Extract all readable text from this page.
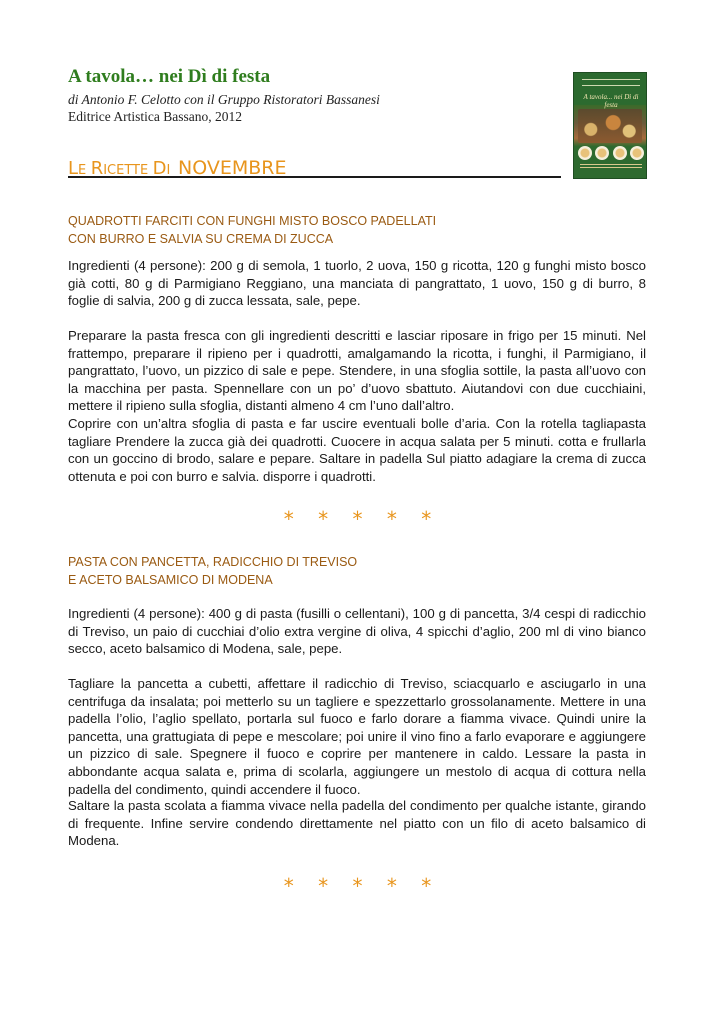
A tavola… nei Dì di festa
di Antonio F. Celotto con il Gruppo Ristoratori Bassanesi
Editrice Artistica Bassano, 2012
A tavola... nei Dì di festa
LE RICETTE DI NOVEMBRE
QUADROTTI FARCITI CON FUNGHI MISTO BOSCO PADELLATI
CON BURRO E SALVIA SU CREMA DI ZUCCA

Ingredienti (4 persone): 200 g di semola, 1 tuorlo, 2 uova, 150 g ricotta, 120 g funghi misto bosco già cotti, 80 g di Parmigiano Reggiano, una manciata di pangrattato, 1 uovo, 150 g di burro, 8 foglie di salvia, 200 g di zucca lessata, sale, pepe.

Preparare la pasta fresca con gli ingredienti descritti e lasciar riposare in frigo per 15 minuti. Nel frattempo, preparare il ripieno per i quadrotti, amalgamando la ricotta, i funghi, il Parmigiano, il pangrattato, l’uovo, un pizzico di sale e pepe. Stendere, in una sfoglia sottile, la pasta all’uovo con la macchina per pasta. Spennellare con un po’ d’uovo sbattuto. Aiutandovi con due cucchiaini, mettere il ripieno sulla sfoglia, distanti almeno 4 cm l’uno dall’altro.

Coprire con un’altra sfoglia di pasta e far uscire eventuali bolle d’aria. Con la rotella tagliapasta tagliare Prendere la zucca già dei quadrotti. Cuocere in acqua salata per 5 minuti. cotta e frullarla con un goccino di brodo, salare e pepare. Saltare in padella Sul piatto adagiare la crema di zucca ottenuta e poi con burro e salvia. disporre i quadrotti.

* * * * *
PASTA CON PANCETTA, RADICCHIO DI TREVISO
E ACETO BALSAMICO DI MODENA

Ingredienti (4 persone): 400 g di pasta (fusilli o cellentani), 100 g di pancetta, 3/4 cespi di radicchio di Treviso, un paio di cucchiai d’olio extra vergine di oliva, 4 spicchi d’aglio, 200 ml di vino bianco secco, aceto balsamico di Modena, sale, pepe.

Tagliare la pancetta a cubetti, affettare il radicchio di Treviso, sciacquarlo e asciugarlo in una centrifuga da insalata; poi metterlo su un tagliere e spezzettarlo grossolanamente. Mettere in una padella l’olio, l’aglio spellato, portarla sul fuoco e farlo dorare a fiamma vivace. Quindi unire la pancetta, una grattugiata di pepe e mescolare; poi unire il vino fino a farlo evaporare e aggiungere un pizzico di sale. Spegnere il fuoco e coprire per mantenere in caldo. Lessare la pasta in abbondante acqua salata e, prima di scolarla, aggiungere un mestolo di acqua di cottura nella padella del condimento, quindi accendere il fuoco.

Saltare la pasta scolata a fiamma vivace nella padella del condimento per qualche istante, girando di frequente. Infine servire condendo direttamente nel piatto con un filo di aceto balsamico di Modena.

* * * * *
